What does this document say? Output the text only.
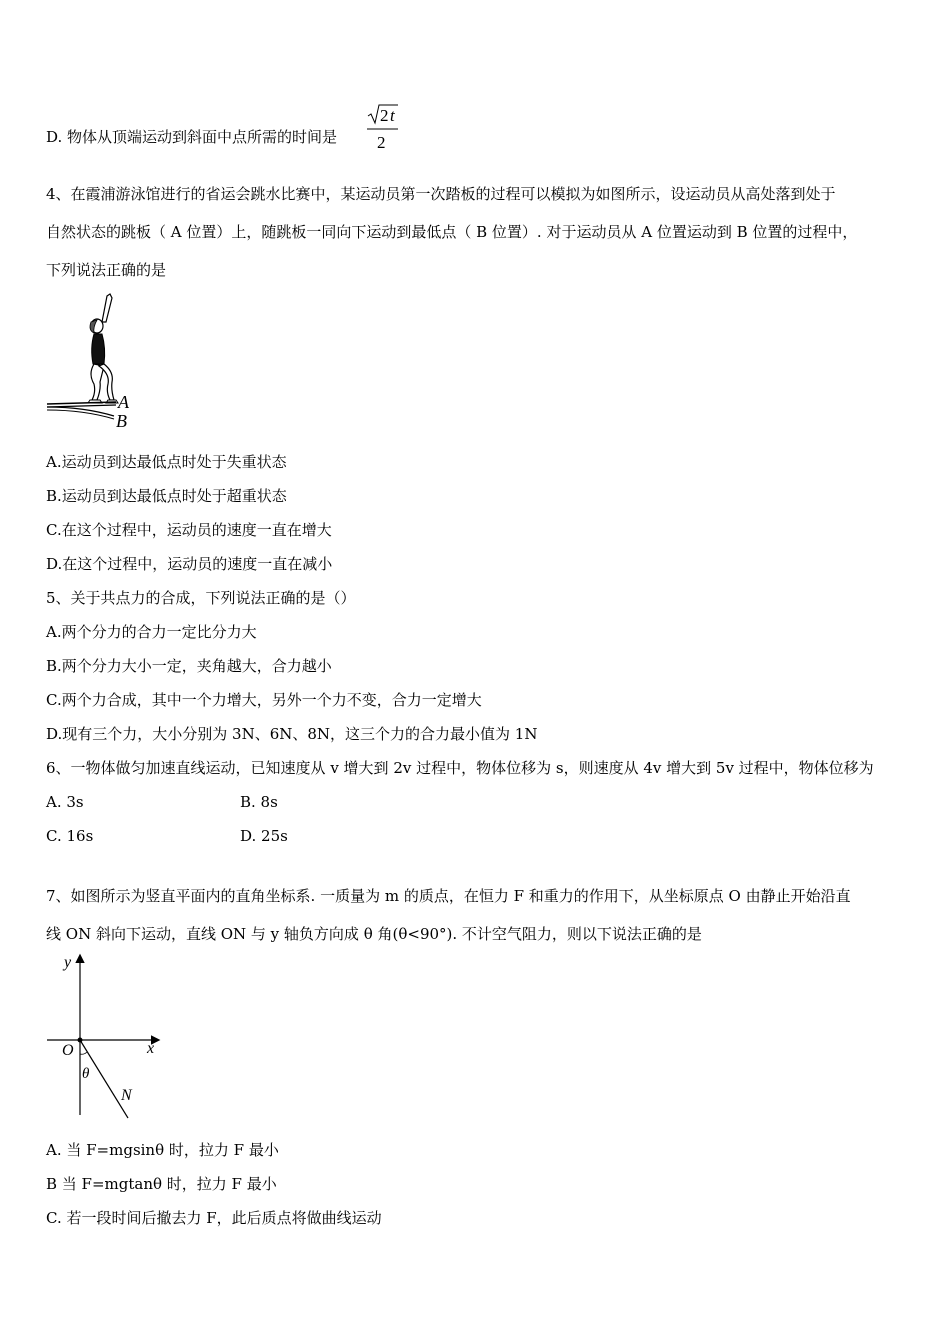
D. 物体从顶端运动到斜面中点所需的时间是
2 t
2
4、在霞浦游泳馆进行的省运会跳水比赛中，某运动员第一次踏板的过程可以模拟为如图所示，设运动员从高处落到处于
自然状态的跳板（ A 位置）上，随跳板一同向下运动到最低点（ B 位置）. 对于运动员从 A 位置运动到 B 位置的过程中，
下列说法正确的是
A
B
A.运动员到达最低点时处于失重状态
B.运动员到达最低点时处于超重状态
C.在这个过程中，运动员的速度一直在增大
D.在这个过程中，运动员的速度一直在减小
5、关于共点力的合成，下列说法正确的是（）
A.两个分力的合力一定比分力大
B.两个分力大小一定，夹角越大，合力越小
C.两个力合成，其中一个力增大，另外一个力不变，合力一定增大
D.现有三个力，大小分别为 3N、6N、8N，这三个力的合力最小值为 1N
6、一物体做匀加速直线运动，已知速度从 v 增大到 2v 过程中，物体位移为 s，则速度从 4v 增大到 5v 过程中，物体位移为
A. 3s	B. 8s
C. 16s	D. 25s
7、如图所示为竖直平面内的直角坐标系. 一质量为 m 的质点，在恒力 F 和重力的作用下，从坐标原点 O 由静止开始沿直
线 ON 斜向下运动，直线 ON 与 y 轴负方向成 θ 角(θ<90°). 不计空气阻力，则以下说法正确的是
y
x
O
θ
N
A. 当 F=mgsinθ 时，拉力 F 最小
B 当 F=mgtanθ 时，拉力 F 最小
C. 若一段时间后撤去力 F，此后质点将做曲线运动
